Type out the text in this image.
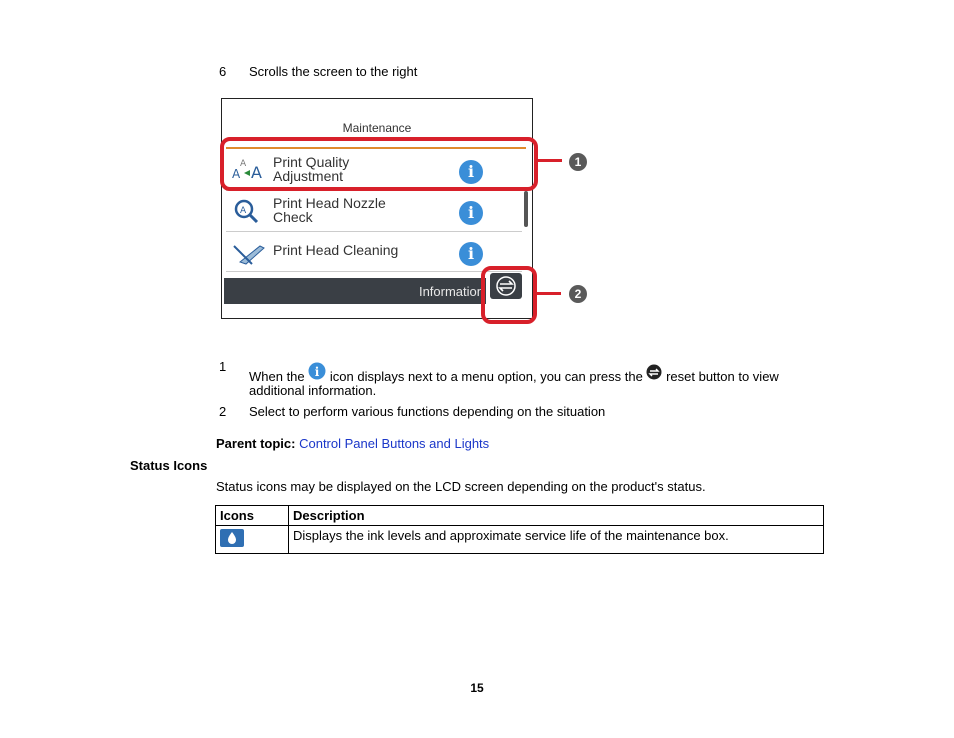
6	Scrolls the screen to the right
Maintenance
A
A A
Print Quality
Adjustment	i
A Print Head Nozzle
Check	i
Print Head Cleaning	i
Information
1
2
1
When the i icon displays next to a menu option, you can press the reset button to view
additional information.
2	Select to perform various functions depending on the situation
Parent topic: Control Panel Buttons and Lights
Status Icons
Status icons may be displayed on the LCD screen depending on the product's status.
Icons	Description
	Displays the ink levels and approximate service life of the maintenance box.
15
